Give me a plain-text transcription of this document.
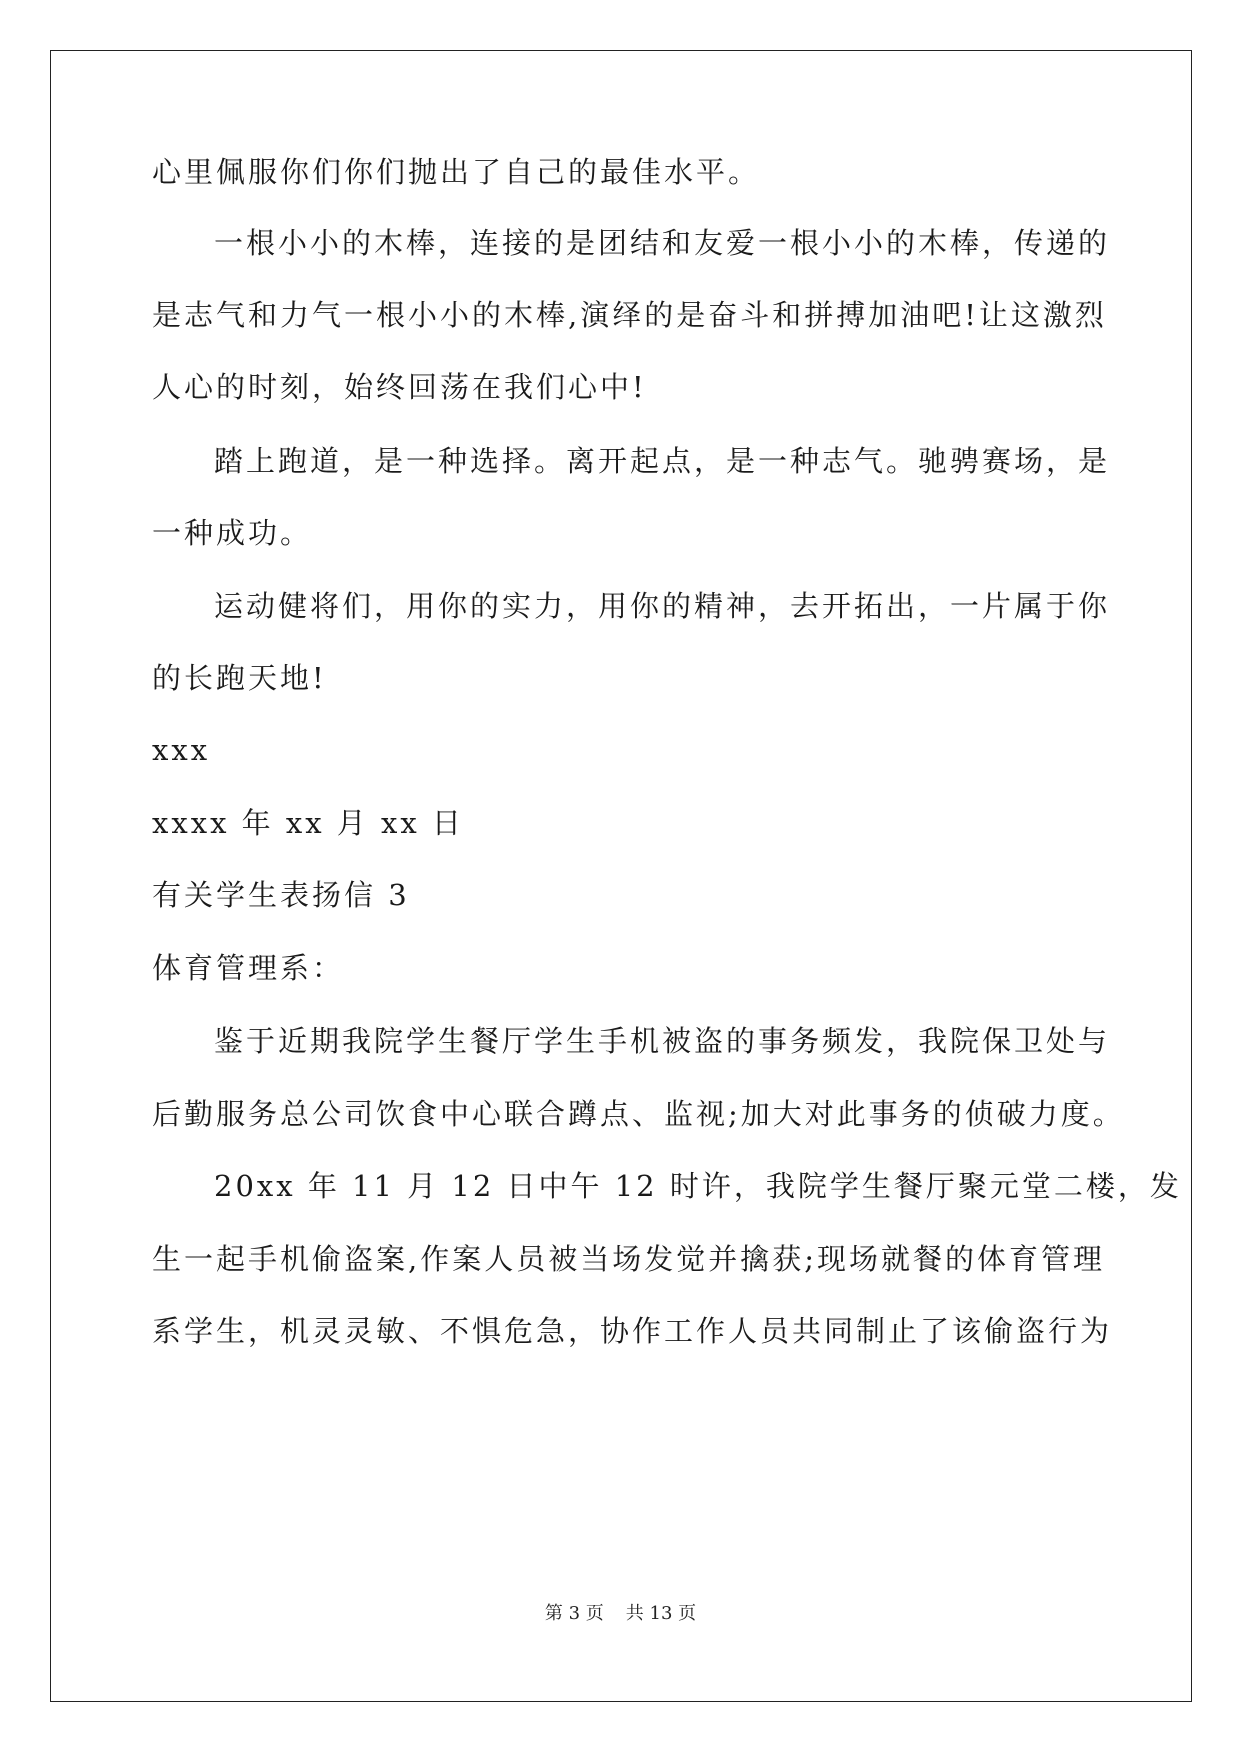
心里佩服你们你们抛出了自己的最佳水平。
一根小小的木棒，连接的是团结和友爱一根小小的木棒，传递的
是志气和力气一根小小的木棒,演绎的是奋斗和拼搏加油吧!让这激烈
人心的时刻，始终回荡在我们心中!
踏上跑道，是一种选择。离开起点，是一种志气。驰骋赛场，是
一种成功。
运动健将们，用你的实力，用你的精神，去开拓出，一片属于你
的长跑天地!
xxx
xxxx 年 xx 月 xx 日
有关学生表扬信 3
体育管理系：
鉴于近期我院学生餐厅学生手机被盗的事务频发，我院保卫处与
后勤服务总公司饮食中心联合蹲点、监视;加大对此事务的侦破力度。
20xx 年 11 月 12 日中午 12 时许，我院学生餐厅聚元堂二楼，发
生一起手机偷盗案,作案人员被当场发觉并擒获;现场就餐的体育管理
系学生，机灵灵敏、不惧危急，协作工作人员共同制止了该偷盗行为
第 3 页 共 13 页
